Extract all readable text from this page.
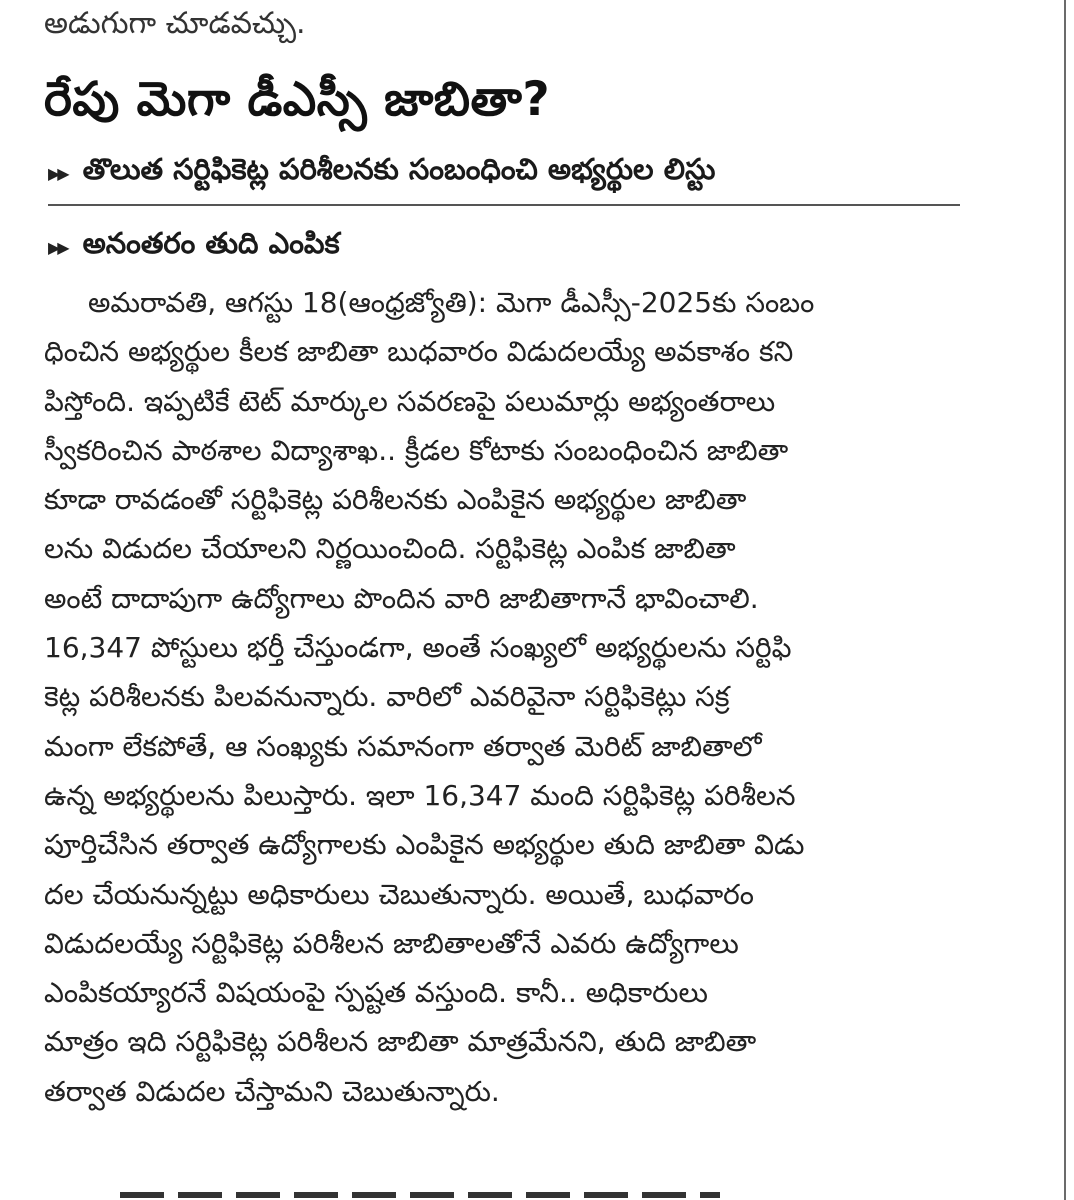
అడుగుగా చూడవచ్చు.
రేపు మెగా డీఎస్సీ జాబితా?
▶▶ తొలుత సర్టిఫికెట్ల పరిశీలనకు సంబంధించి అభ్యర్థుల లిస్టు
▶▶ అనంతరం తుది ఎంపిక
అమరావతి, ఆగస్టు 18(ఆంధ్రజ్యోతి): మెగా డీఎస్సీ-2025కు సంబం
ధించిన అభ్యర్థుల కీలక జాబితా బుధవారం విడుదలయ్యే అవకాశం కని
పిస్తోంది. ఇప్పటికే టెట్ మార్కుల సవరణపై పలుమార్లు అభ్యంతరాలు
స్వీకరించిన పాఠశాల విద్యాశాఖ.. క్రీడల కోటాకు సంబంధించిన జాబితా
కూడా రావడంతో సర్టిఫికెట్ల పరిశీలనకు ఎంపికైన అభ్యర్థుల జాబితా
లను విడుదల చేయాలని నిర్ణయించింది. సర్టిఫికెట్ల ఎంపిక జాబితా
అంటే దాదాపుగా ఉద్యోగాలు పొందిన వారి జాబితాగానే భావించాలి.
16,347 పోస్టులు భర్తీ చేస్తుండగా, అంతే సంఖ్యలో అభ్యర్థులను సర్టిఫి
కెట్ల పరిశీలనకు పిలవనున్నారు. వారిలో ఎవరివైనా సర్టిఫికెట్లు సక్ర
మంగా లేకపోతే, ఆ సంఖ్యకు సమానంగా తర్వాత మెరిట్ జాబితాలో
ఉన్న అభ్యర్థులను పిలుస్తారు. ఇలా 16,347 మంది సర్టిఫికెట్ల పరిశీలన
పూర్తిచేసిన తర్వాత ఉద్యోగాలకు ఎంపికైన అభ్యర్థుల తుది జాబితా విడు
దల చేయనున్నట్టు అధికారులు చెబుతున్నారు. అయితే, బుధవారం
విడుదలయ్యే సర్టిఫికెట్ల పరిశీలన జాబితాలతోనే ఎవరు ఉద్యోగాలు
ఎంపికయ్యారనే విషయంపై స్పష్టత వస్తుంది. కానీ.. అధికారులు
మాత్రం ఇది సర్టిఫికెట్ల పరిశీలన జాబితా మాత్రమేనని, తుది జాబితా
తర్వాత విడుదల చేస్తామని చెబుతున్నారు.
